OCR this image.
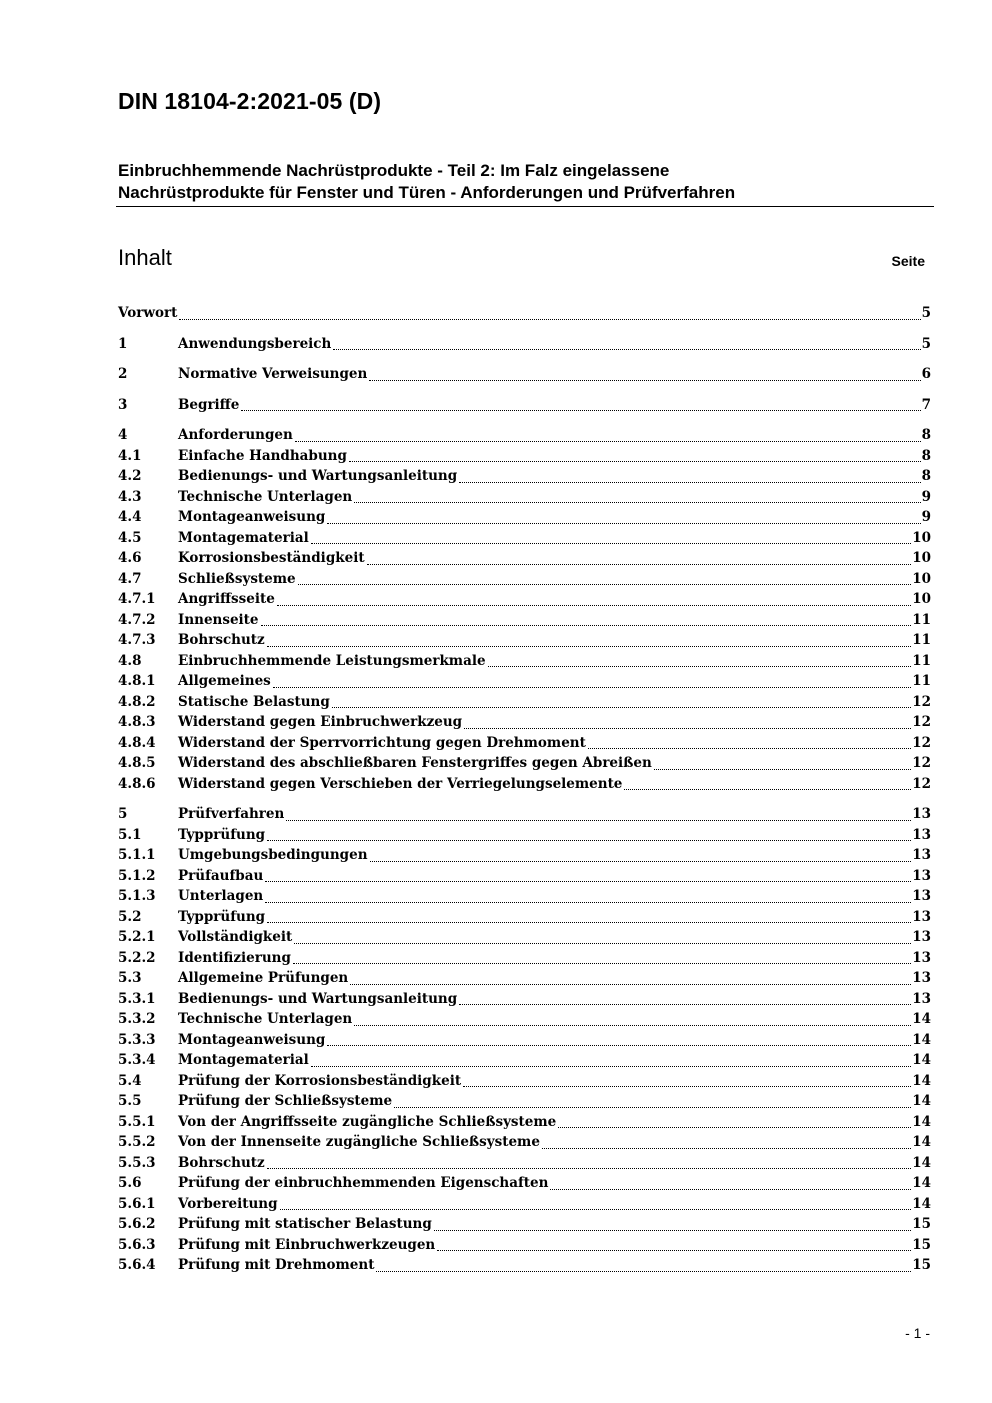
DIN 18104-2:2021-05 (D)
Einbruchhemmende Nachrüstprodukte - Teil 2: Im Falz eingelassene
Nachrüstprodukte für Fenster und Türen - Anforderungen und Prüfverfahren
Inhalt	Seite
Vorwort	5
1	Anwendungsbereich	5
2	Normative Verweisungen	6
3	Begriffe	7
4	Anforderungen	8
4.1	Einfache Handhabung	8
4.2	Bedienungs- und Wartungsanleitung	8
4.3	Technische Unterlagen	9
4.4	Montageanweisung	9
4.5	Montagematerial	10
4.6	Korrosionsbeständigkeit	10
4.7	Schließsysteme	10
4.7.1	Angriffsseite	10
4.7.2	Innenseite	11
4.7.3	Bohrschutz	11
4.8	Einbruchhemmende Leistungsmerkmale	11
4.8.1	Allgemeines	11
4.8.2	Statische Belastung	12
4.8.3	Widerstand gegen Einbruchwerkzeug	12
4.8.4	Widerstand der Sperrvorrichtung gegen Drehmoment	12
4.8.5	Widerstand des abschließbaren Fenstergriffes gegen Abreißen	12
4.8.6	Widerstand gegen Verschieben der Verriegelungselemente	12
5	Prüfverfahren	13
5.1	Typprüfung	13
5.1.1	Umgebungsbedingungen	13
5.1.2	Prüfaufbau	13
5.1.3	Unterlagen	13
5.2	Typprüfung	13
5.2.1	Vollständigkeit	13
5.2.2	Identifizierung	13
5.3	Allgemeine Prüfungen	13
5.3.1	Bedienungs- und Wartungsanleitung	13
5.3.2	Technische Unterlagen	14
5.3.3	Montageanweisung	14
5.3.4	Montagematerial	14
5.4	Prüfung der Korrosionsbeständigkeit	14
5.5	Prüfung der Schließsysteme	14
5.5.1	Von der Angriffsseite zugängliche Schließsysteme	14
5.5.2	Von der Innenseite zugängliche Schließsysteme	14
5.5.3	Bohrschutz	14
5.6	Prüfung der einbruchhemmenden Eigenschaften	14
5.6.1	Vorbereitung	14
5.6.2	Prüfung mit statischer Belastung	15
5.6.3	Prüfung mit Einbruchwerkzeugen	15
5.6.4	Prüfung mit Drehmoment	15
- 1 -
